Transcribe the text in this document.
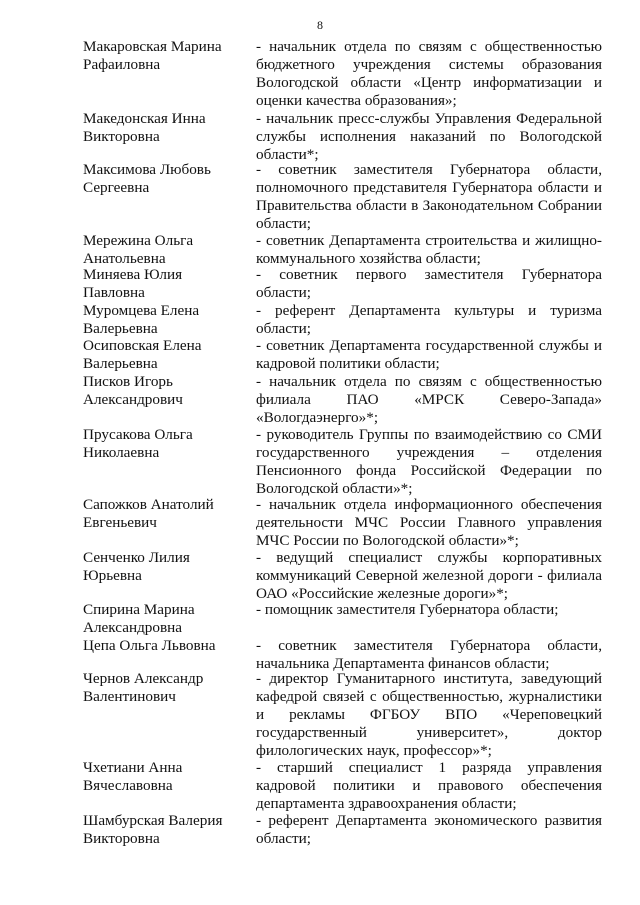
8
Макаровская Марина
Рафаиловна
- начальник отдела по связям с общественностью
бюджетного учреждения системы образования
Вологодской области «Центр информатизации и
оценки качества образования»;
Македонская Инна
Викторовна
- начальник пресс-службы Управления Федеральной
службы исполнения наказаний по Вологодской
области*;
Максимова Любовь
Сергеевна
- советник заместителя Губернатора области,
полномочного представителя Губернатора области и
Правительства области в Законодательном Собрании
области;
Мережина Ольга
Анатольевна
- советник Департамента строительства и жилищно-
коммунального хозяйства области;
Миняева Юлия
Павловна
- советник первого заместителя Губернатора
области;
Муромцева Елена
Валерьевна
- референт Департамента культуры и туризма
области;
Осиповская Елена
Валерьевна
- советник Департамента государственной службы и
кадровой политики области;
Писков Игорь
Александрович
- начальник отдела по связям с общественностью
филиала ПАО «МРСК Северо-Запада»
«Вологдаэнерго»*;
Прусакова Ольга
Николаевна
- руководитель Группы по взаимодействию со СМИ
государственного учреждения – отделения
Пенсионного фонда Российской Федерации по
Вологодской области»*;
Сапожков Анатолий
Евгеньевич
- начальник отдела информационного обеспечения
деятельности МЧС России Главного управления
МЧС России по Вологодской области»*;
Сенченко Лилия
Юрьевна
- ведущий специалист службы корпоративных
коммуникаций Северной железной дороги - филиала
ОАО «Российские железные дороги»*;
Спирина Марина
Александровна
- помощник заместителя Губернатора области;
Цепа Ольга Львовна	- советник заместителя Губернатора области,
начальника Департамента финансов области;
Чернов Александр
Валентинович
- директор Гуманитарного института, заведующий
кафедрой связей с общественностью, журналистики
и рекламы ФГБОУ ВПО «Череповецкий
государственный университет», доктор
филологических наук, профессор»*;
Чхетиани Анна
Вячеславовна
- старший специалист 1 разряда управления
кадровой политики и правового обеспечения
департамента здравоохранения области;
Шамбурская Валерия
Викторовна
- референт Департамента экономического развития
области;
